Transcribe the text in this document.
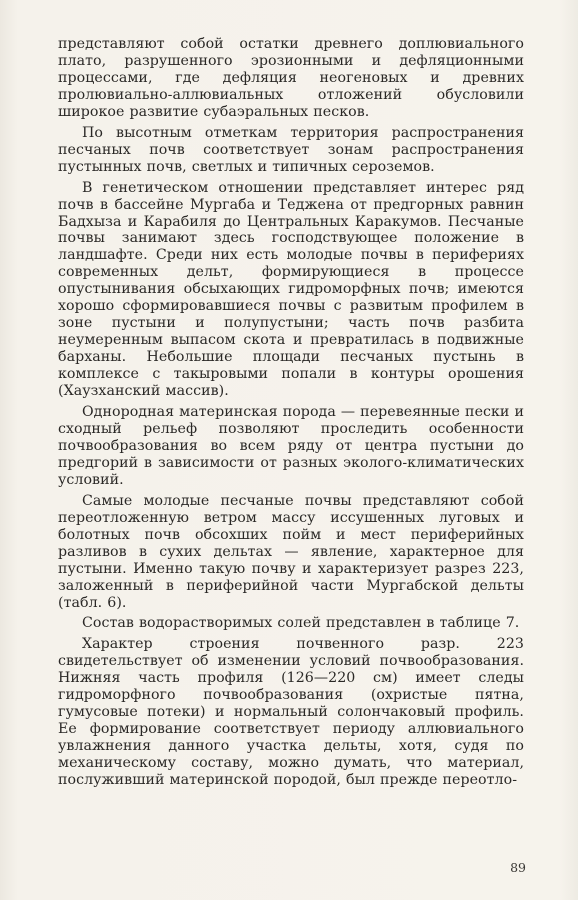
представляют собой остатки древнего доплювиального плато, разрушенного эрозионными и дефляционными процессами, где дефляция неогеновых и древних пролювиально-аллювиальных отложений обусловили широкое развитие субаэральных песков.

По высотным отметкам территория распространения песчаных почв соответствует зонам распространения пустынных почв, светлых и типичных сероземов.

В генетическом отношении представляет интерес ряд почв в бассейне Мургаба и Теджена от предгорных равнин Бадхыза и Карабиля до Центральных Каракумов. Песчаные почвы занимают здесь господствующее положение в ландшафте. Среди них есть молодые почвы в перифериях современных дельт, формирующиеся в процессе опустынивания обсыхающих гидроморфных почв; имеются хорошо сформировавшиеся почвы с развитым профилем в зоне пустыни и полупустыни; часть почв разбита неумеренным выпасом скота и превратилась в подвижные барханы. Небольшие площади песчаных пустынь в комплексе с такыровыми попали в контуры орошения (Хаузханский массив).

Однородная материнская порода — перевеянные пески и сходный рельеф позволяют проследить особенности почвообразования во всем ряду от центра пустыни до предгорий в зависимости от разных эколого-климатических условий.

Самые молодые песчаные почвы представляют собой переотложенную ветром массу иссушенных луговых и болотных почв обсохших пойм и мест периферийных разливов в сухих дельтах — явление, характерное для пустыни. Именно такую почву и характеризует разрез 223, заложенный в периферийной части Мургабской дельты (табл. 6).

Состав водорастворимых солей представлен в таблице 7.

Характер строения почвенного разр. 223 свидетельствует об изменении условий почвообразования. Нижняя часть профиля (126—220 см) имеет следы гидроморфного почвообразования (охристые пятна, гумусовые потеки) и нормальный солончаковый профиль. Ее формирование соответствует периоду аллювиального увлажнения данного участка дельты, хотя, судя по механическому составу, можно думать, что материал, послуживший материнской породой, был прежде переотло-

89
